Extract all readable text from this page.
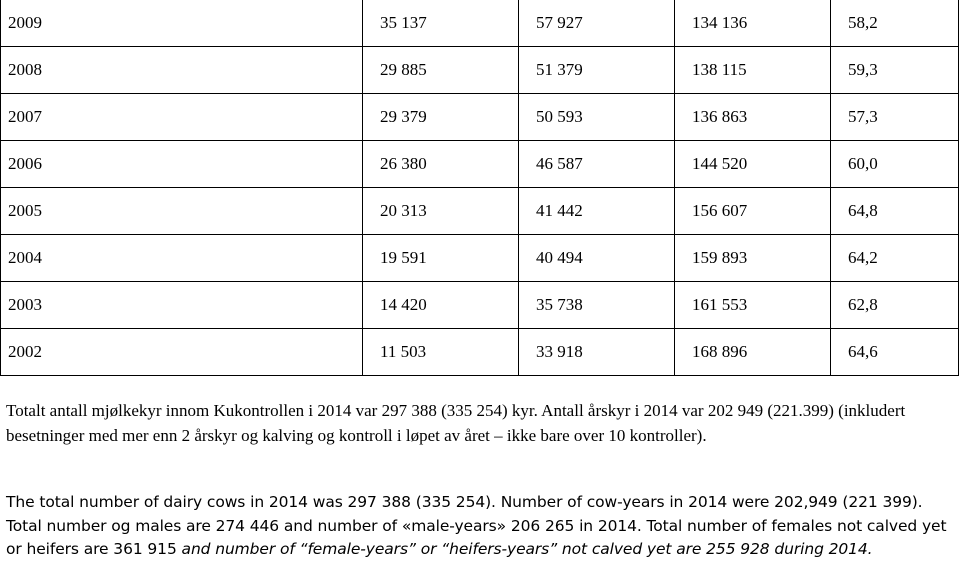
2009	35 137	57 927	134 136	58,2
2008	29 885	51 379	138 115	59,3
2007	29 379	50 593	136 863	57,3
2006	26 380	46 587	144 520	60,0
2005	20 313	41 442	156 607	64,8
2004	19 591	40 494	159 893	64,2
2003	14 420	35 738	161 553	62,8
2002	11 503	33 918	168 896	64,6

Totalt antall mjølkekyr innom Kukontrollen i 2014 var 297 388 (335 254) kyr. Antall årskyr i 2014 var 202 949 (221.399) (inkludert besetninger med mer enn 2 årskyr og kalving og kontroll i løpet av året – ikke bare over 10 kontroller).

The total number of dairy cows in 2014 was 297 388 (335 254). Number of cow-years in 2014 were 202,949 (221 399). Total number og males are 274 446 and number of «male-years» 206 265 in 2014. Total number of females not calved yet or heifers are 361 915 and number of “female-years” or “heifers-years” not calved yet are 255 928 during 2014.
